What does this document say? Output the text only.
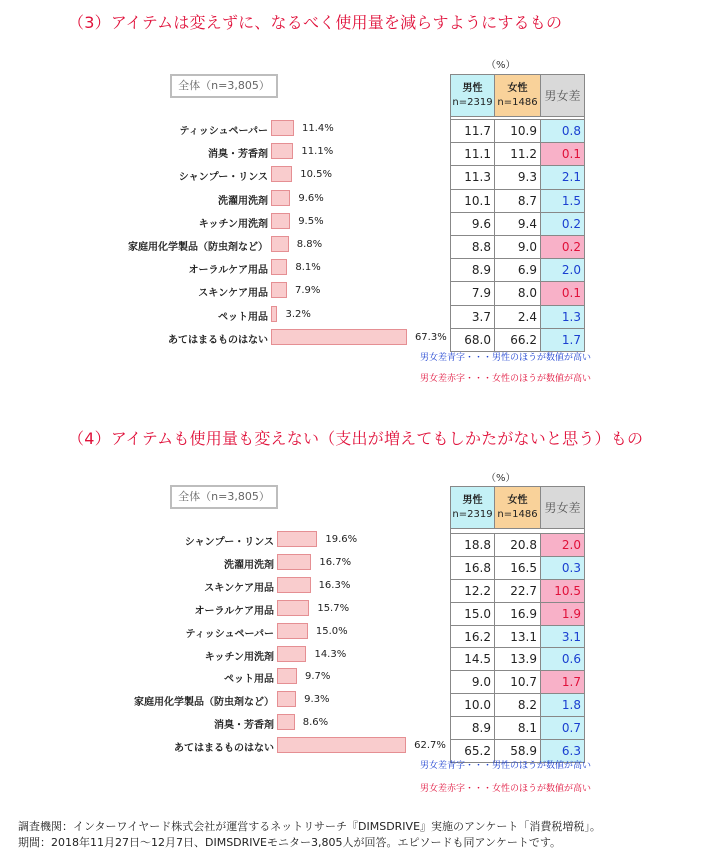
（3）アイテムは変えずに、なるべく使用量を減らすようにするもの
全体（n=3,805）
（%）
ティッシュペーパー	11.4%
消臭・芳香剤	11.1%
シャンプー・リンス	10.5%
洗濯用洗剤	9.6%
キッチン用洗剤	9.5%
家庭用化学製品（防虫剤など）	8.8%
オーラルケア用品	8.1%
スキンケア用品	7.9%
ペット用品 3.2%
あてはまるものはない	67.3%
男性
n=2319	女性
n=1486	男女差

11.7	10.9	0.8
11.1	11.2	0.1
11.3	9.3	2.1
10.1	8.7	1.5
9.6	9.4	0.2
8.8	9.0	0.2
8.9	6.9	2.0
7.9	8.0	0.1
3.7	2.4	1.3
68.0	66.2	1.7
男女差青字・・・男性のほうが数値が高い
男女差赤字・・・女性のほうが数値が高い
（4）アイテムも使用量も変えない（支出が増えてもしかたがないと思う）もの
全体（n=3,805）
（%）
シャンプー・リンス	19.6%
洗濯用洗剤	16.7%
スキンケア用品	16.3%
オーラルケア用品	15.7%
ティッシュペーパー	15.0%
キッチン用洗剤	14.3%
ペット用品	9.7%
家庭用化学製品（防虫剤など）	9.3%
消臭・芳香剤	8.6%
あてはまるものはない	62.7%
男性
n=2319	女性
n=1486	男女差

18.8	20.8	2.0
16.8	16.5	0.3
12.2	22.7	10.5
15.0	16.9	1.9
16.2	13.1	3.1
14.5	13.9	0.6
9.0	10.7	1.7
10.0	8.2	1.8
8.9	8.1	0.7
65.2	58.9	6.3
男女差青字・・・男性のほうが数値が高い
男女差赤字・・・女性のほうが数値が高い
調査機関：インターワイヤード株式会社が運営するネットリサーチ『DIMSDRIVE』実施のアンケート「消費税増税」。
期間：2018年11月27日～12月7日、DIMSDRIVEモニター3,805人が回答。エピソードも同アンケートです。
